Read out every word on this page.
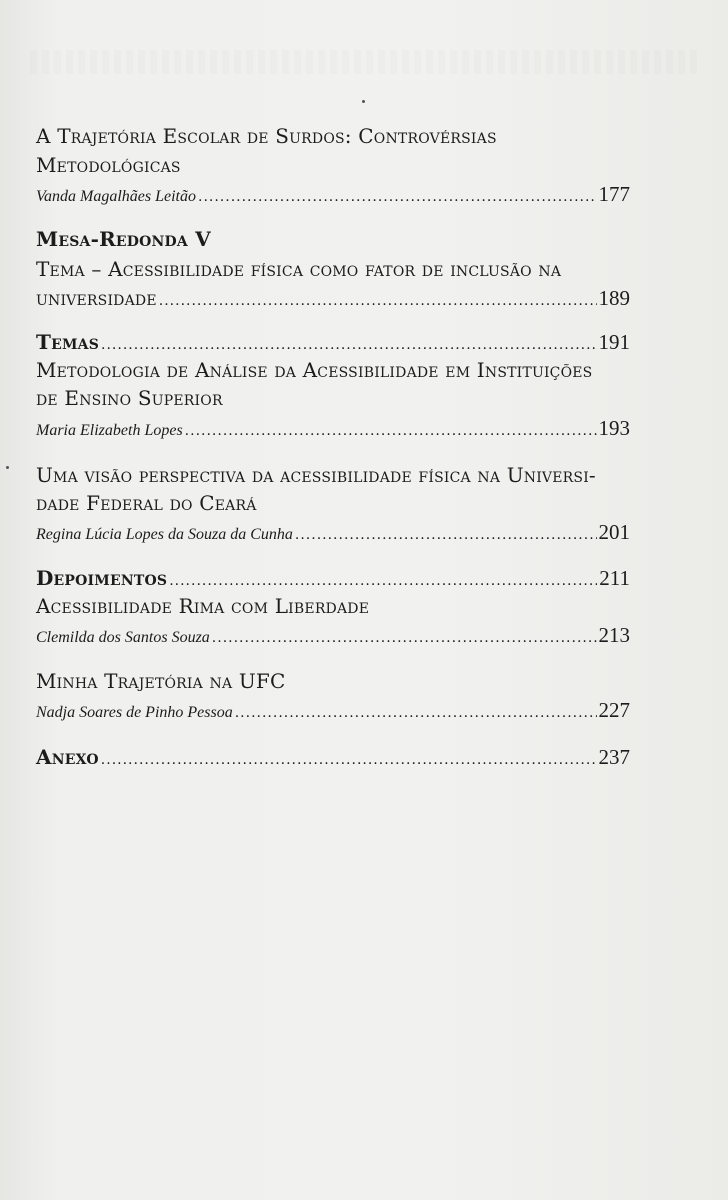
A Trajetória Escolar de Surdos: Controvérsias
Metodológicas
Vanda Magalhães Leitão .....	177
Mesa-Redonda V
Tema – Acessibilidade física como fator de inclusão na
universidade .....	189
Temas .....	191
Metodologia de Análise da Acessibilidade em Instituições
de Ensino Superior
Maria Elizabeth Lopes .....	193
Uma visão perspectiva da acessibilidade física na Universi-
dade Federal do Ceará
Regina Lúcia Lopes da Souza da Cunha .....	201
Depoimentos .....	211
Acessibilidade Rima com Liberdade
Clemilda dos Santos Souza .....	213
Minha Trajetória na UFC
Nadja Soares de Pinho Pessoa .....	227
Anexo .....	237
